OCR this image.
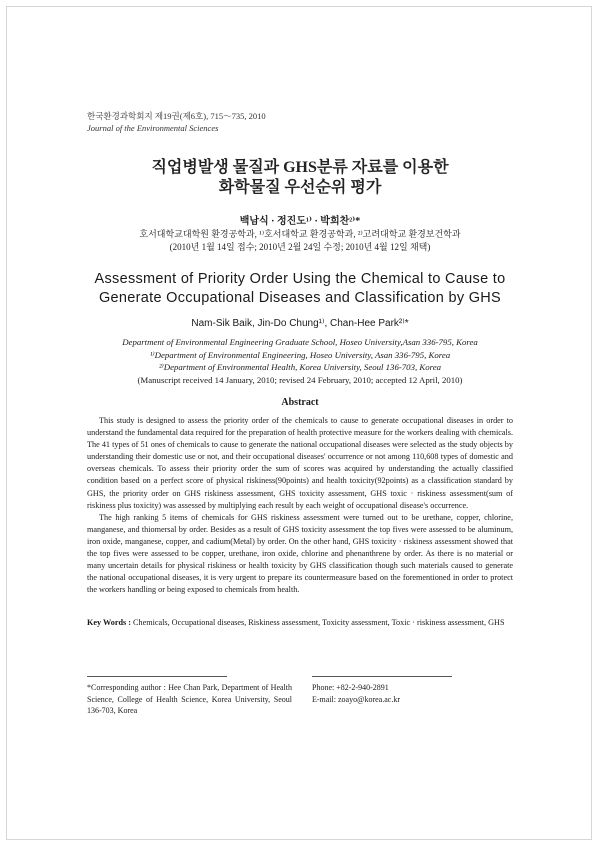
한국환경과학회지 제19권(제6호), 715～735, 2010
Journal of the Environmental Sciences
직업병발생 물질과 GHS분류 자료를 이용한
화학물질 우선순위 평가
백남식 · 정진도¹⁾ · 박희찬²⁾*
호서대학교대학원 환경공학과, ¹⁾호서대학교 환경공학과, ²⁾고려대학교 환경보건학과
(2010년 1월 14일 접수; 2010년 2월 24일 수정; 2010년 4월 12일 채택)
Assessment of Priority Order Using the Chemical to Cause to
Generate Occupational Diseases and Classification by GHS
Nam-Sik Baik, Jin-Do Chung¹⁾, Chan-Hee Park²⁾*
Department of Environmental Engineering Graduate School, Hoseo University,Asan 336-795, Korea
¹⁾Department of Environmental Engineering, Hoseo University, Asan 336-795, Korea
²⁾Department of Environmental Health, Korea University, Seoul 136-703, Korea
(Manuscript received 14 January, 2010; revised 24 February, 2010; accepted 12 April, 2010)
Abstract

This study is designed to assess the priority order of the chemicals to cause to generate occupational diseases in order to understand the fundamental data required for the preparation of health protective measure for the workers dealing with chemicals. The 41 types of 51 ones of chemicals to cause to generate the national occupational diseases were selected as the study objects by understanding their domestic use or not, and their occupational diseases' occurrence or not among 110,608 types of domestic and overseas chemicals. To assess their priority order the sum of scores was acquired by understanding the actually classified condition based on a perfect score of physical riskiness(90points) and health toxicity(92points) as a classification standard by GHS, the priority order on GHS riskiness assessment, GHS toxicity assessment, GHS toxic · riskiness assessment(sum of riskiness plus toxicity) was assessed by multiplying each result by each weight of occupational disease's occurrence.

The high ranking 5 items of chemicals for GHS riskiness assessment were turned out to be urethane, copper, chlorine, manganese, and thiomersal by order. Besides as a result of GHS toxicity assessment the top fives were assessed to be aluminum, iron oxide, manganese, copper, and cadium(Metal) by order. On the other hand, GHS toxicity · riskiness assessment showed that the top fives were assessed to be copper, urethane, iron oxide, chlorine and phenanthrene by order. As there is no material or many uncertain details for physical riskiness or health toxicity by GHS classification though such materials caused to generate the national occupational diseases, it is very urgent to prepare its countermeasure based on the forementioned in order to protect the workers handling or being exposed to chemicals from health.

Key Words : Chemicals, Occupational diseases, Riskiness assessment, Toxicity assessment, Toxic · riskiness assessment, GHS
*Corresponding author : Hee Chan Park, Department of Health Science, College of Health Science, Korea University, Seoul 136-703, Korea
Phone: +82-2-940-2891
E-mail: zoayo@korea.ac.kr
